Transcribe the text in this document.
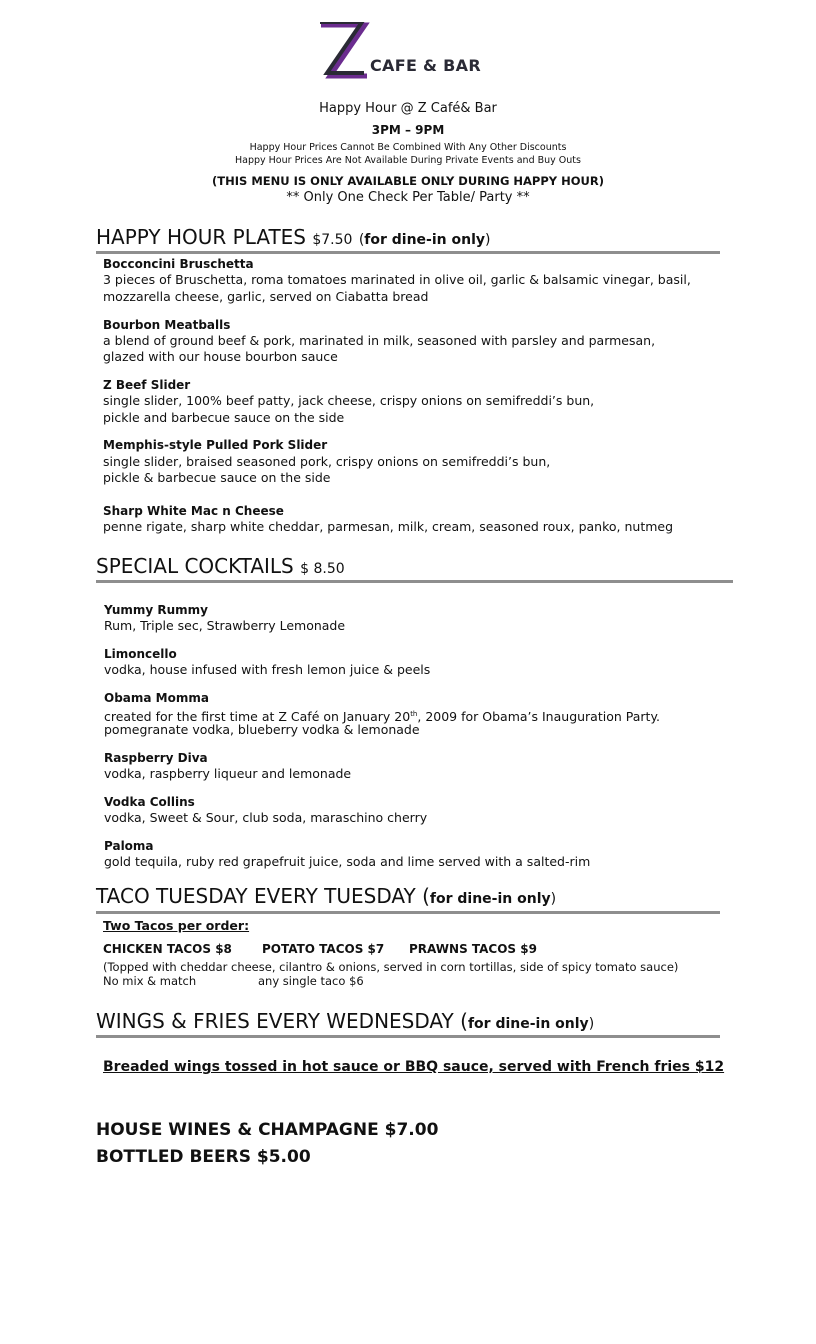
CAFE & BAR
Happy Hour @ Z Café& Bar
3PM – 9PM
Happy Hour Prices Cannot Be Combined With Any Other Discounts
Happy Hour Prices Are Not Available During Private Events and Buy Outs
(THIS MENU IS ONLY AVAILABLE ONLY DURING HAPPY HOUR)
** Only One Check Per Table/ Party **
HAPPY HOUR PLATES $7.50 (for dine-in only)
Bocconcini Bruschetta
3 pieces of Bruschetta, roma tomatoes marinated in olive oil, garlic & balsamic vinegar, basil,
mozzarella cheese, garlic, served on Ciabatta bread
Bourbon Meatballs
a blend of ground beef & pork, marinated in milk, seasoned with parsley and parmesan,
glazed with our house bourbon sauce
Z Beef Slider
single slider, 100% beef patty, jack cheese, crispy onions on semifreddi’s bun,
pickle and barbecue sauce on the side
Memphis-style Pulled Pork Slider
single slider, braised seasoned pork, crispy onions on semifreddi’s bun,
pickle & barbecue sauce on the side
Sharp White Mac n Cheese
penne rigate, sharp white cheddar, parmesan, milk, cream, seasoned roux, panko, nutmeg
SPECIAL COCKTAILS $ 8.50
Yummy Rummy
Rum, Triple sec, Strawberry Lemonade
Limoncello
vodka, house infused with fresh lemon juice & peels
Obama Momma
created for the first time at Z Café on January 20th, 2009 for Obama’s Inauguration Party.
pomegranate vodka, blueberry vodka & lemonade
Raspberry Diva
vodka, raspberry liqueur and lemonade
Vodka Collins
vodka, Sweet & Sour, club soda, maraschino cherry
Paloma
gold tequila, ruby red grapefruit juice, soda and lime served with a salted-rim
TACO TUESDAY EVERY TUESDAY (for dine-in only)
Two Tacos per order:
CHICKEN TACOS $8	POTATO TACOS $7 PRAWNS TACOS $9
(Topped with cheddar cheese, cilantro & onions, served in corn tortillas, side of spicy tomato sauce)
No mix & match	any single taco $6
WINGS & FRIES EVERY WEDNESDAY (for dine-in only)
Breaded wings tossed in hot sauce or BBQ sauce, served with French fries $12
HOUSE WINES & CHAMPAGNE $7.00
BOTTLED BEERS $5.00
